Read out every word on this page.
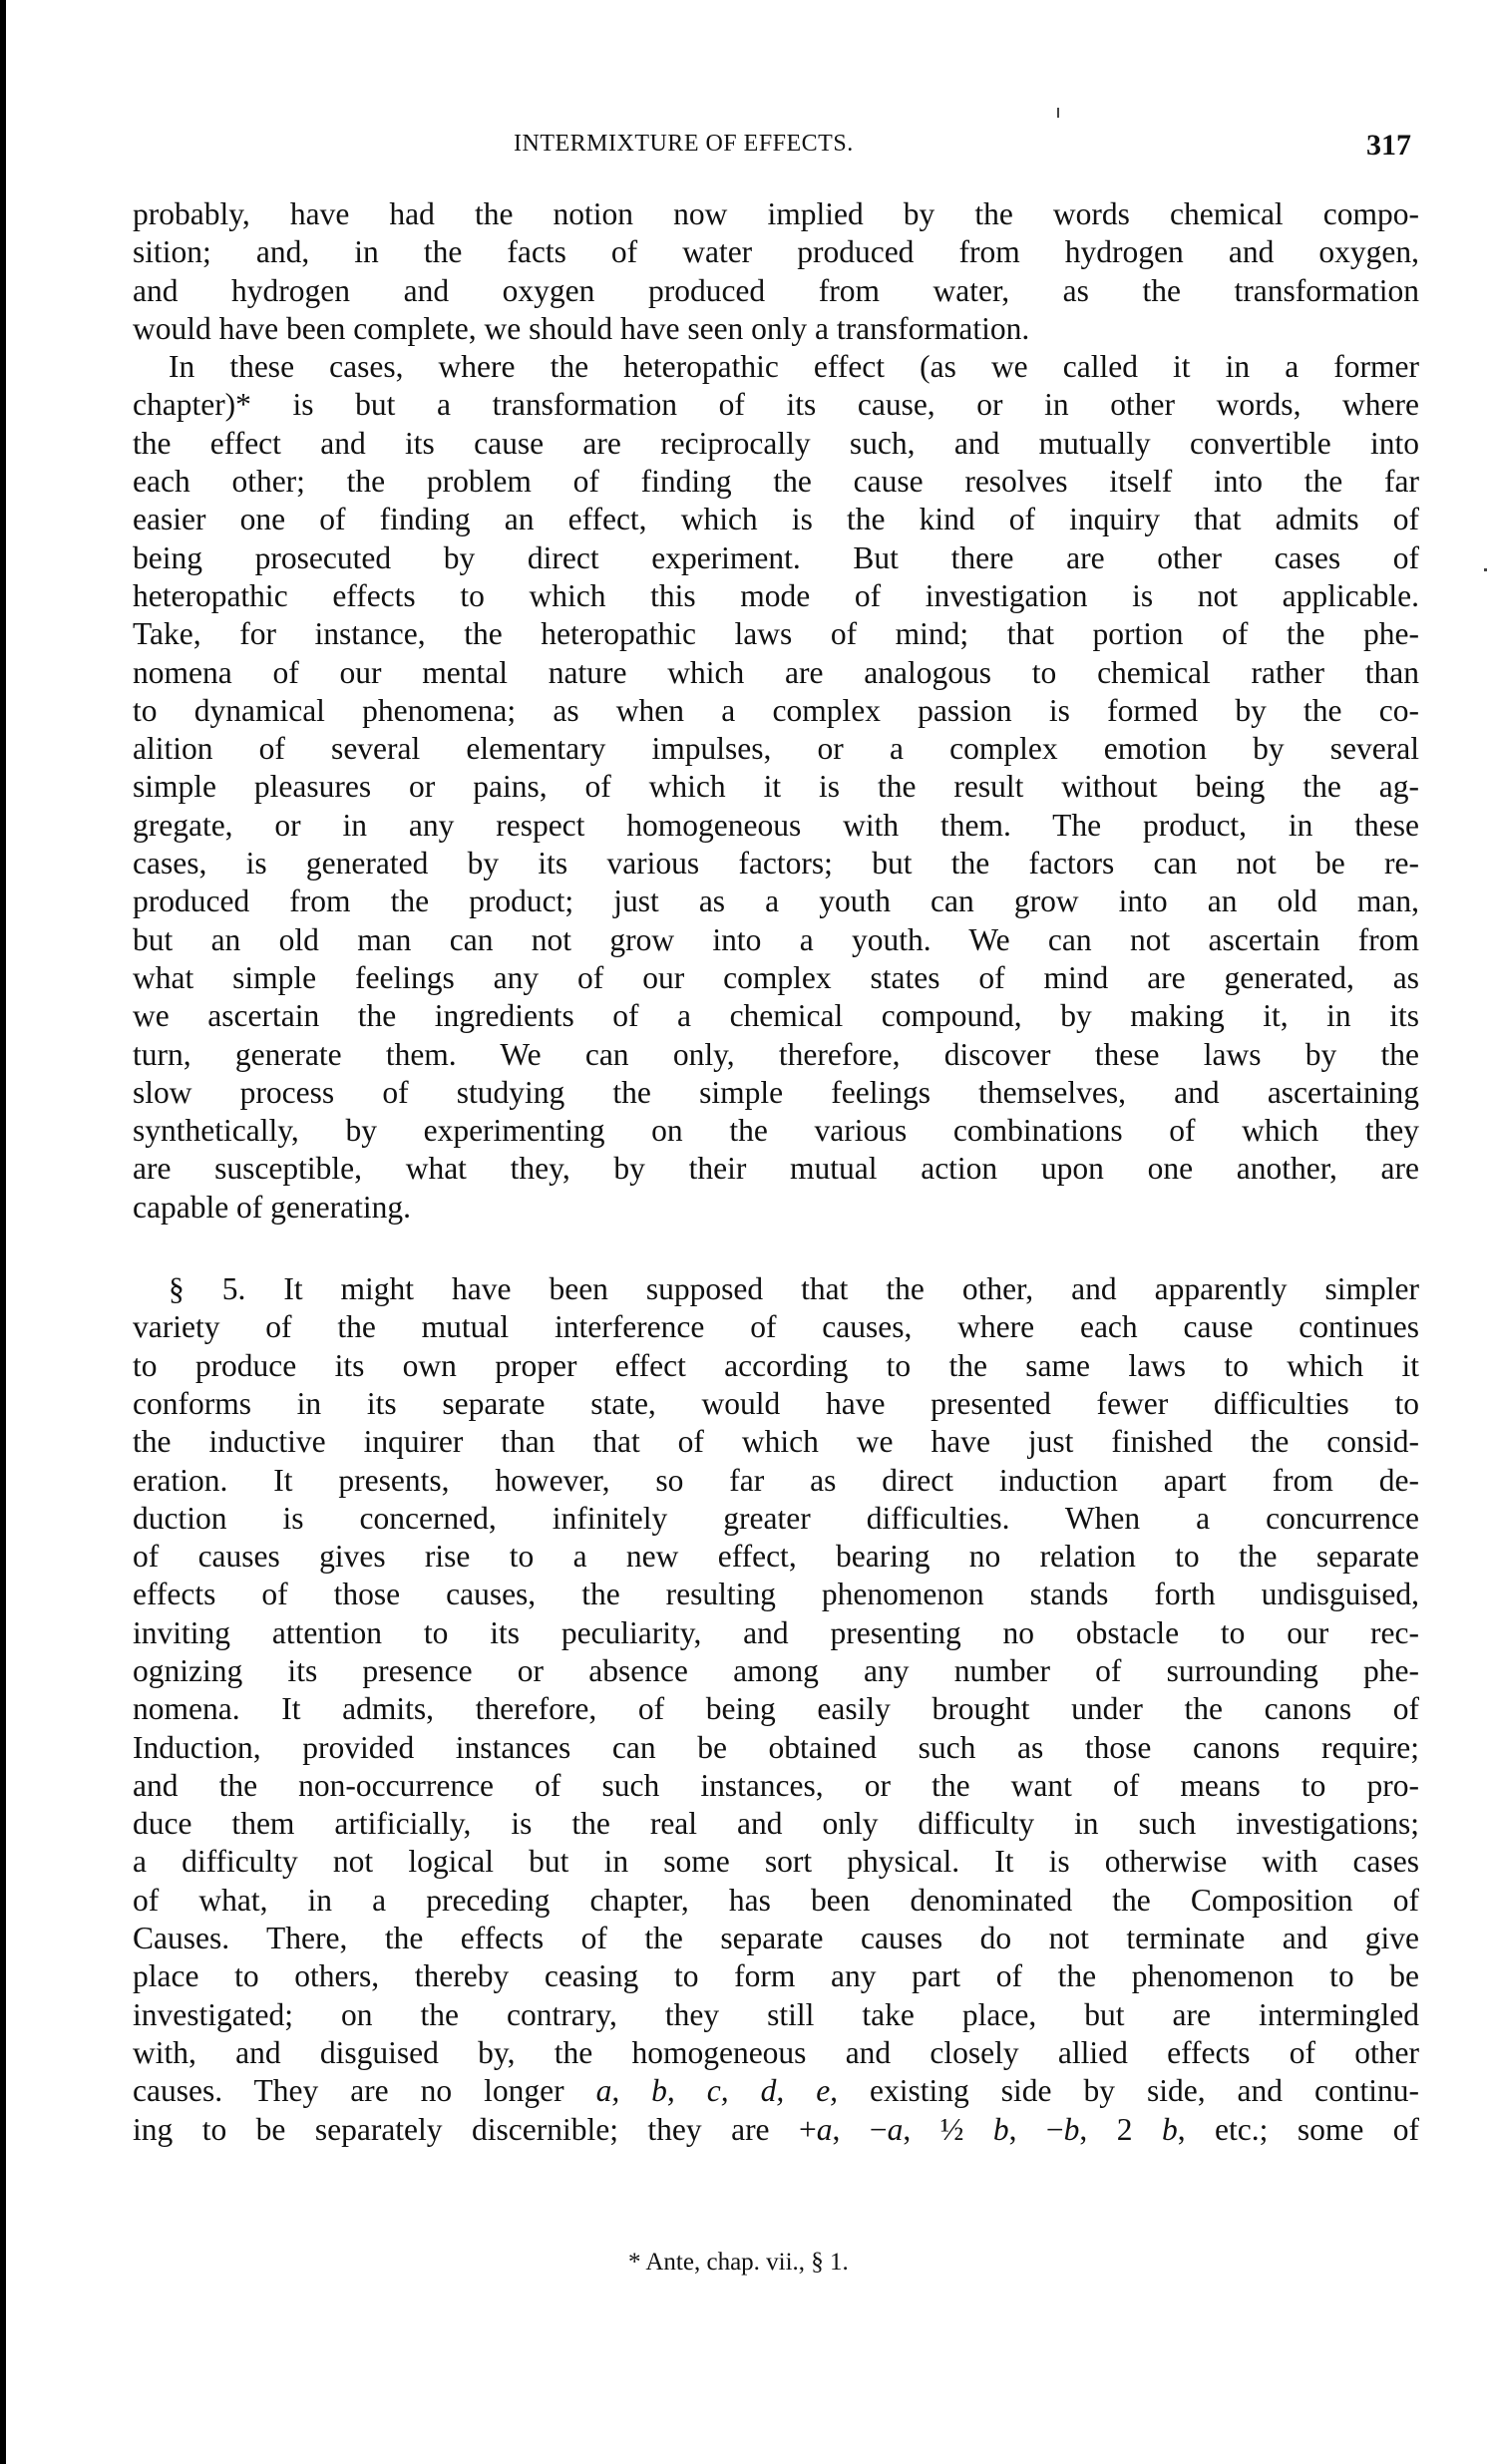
INTERMIXTURE OF EFFECTS.	317
probably, have had the notion now implied by the words chemical compo-
sition; and, in the facts of water produced from hydrogen and oxygen,
and hydrogen and oxygen produced from water, as the transformation
would have been complete, we should have seen only a transformation.
In these cases, where the heteropathic effect (as we called it in a former
chapter)* is but a transformation of its cause, or in other words, where
the effect and its cause are reciprocally such, and mutually convertible into
each other; the problem of finding the cause resolves itself into the far
easier one of finding an effect, which is the kind of inquiry that admits of
being prosecuted by direct experiment. But there are other cases of
heteropathic effects to which this mode of investigation is not applicable.
Take, for instance, the heteropathic laws of mind; that portion of the phe-
nomena of our mental nature which are analogous to chemical rather than
to dynamical phenomena; as when a complex passion is formed by the co-
alition of several elementary impulses, or a complex emotion by several
simple pleasures or pains, of which it is the result without being the ag-
gregate, or in any respect homogeneous with them. The product, in these
cases, is generated by its various factors; but the factors can not be re-
produced from the product; just as a youth can grow into an old man,
but an old man can not grow into a youth. We can not ascertain from
what simple feelings any of our complex states of mind are generated, as
we ascertain the ingredients of a chemical compound, by making it, in its
turn, generate them. We can only, therefore, discover these laws by the
slow process of studying the simple feelings themselves, and ascertaining
synthetically, by experimenting on the various combinations of which they
are susceptible, what they, by their mutual action upon one another, are
capable of generating.
§ 5. It might have been supposed that the other, and apparently simpler
variety of the mutual interference of causes, where each cause continues
to produce its own proper effect according to the same laws to which it
conforms in its separate state, would have presented fewer difficulties to
the inductive inquirer than that of which we have just finished the consid-
eration. It presents, however, so far as direct induction apart from de-
duction is concerned, infinitely greater difficulties. When a concurrence
of causes gives rise to a new effect, bearing no relation to the separate
effects of those causes, the resulting phenomenon stands forth undisguised,
inviting attention to its peculiarity, and presenting no obstacle to our rec-
ognizing its presence or absence among any number of surrounding phe-
nomena. It admits, therefore, of being easily brought under the canons of
Induction, provided instances can be obtained such as those canons require;
and the non-occurrence of such instances, or the want of means to pro-
duce them artificially, is the real and only difficulty in such investigations;
a difficulty not logical but in some sort physical. It is otherwise with cases
of what, in a preceding chapter, has been denominated the Composition of
Causes. There, the effects of the separate causes do not terminate and give
place to others, thereby ceasing to form any part of the phenomenon to be
investigated; on the contrary, they still take place, but are intermingled
with, and disguised by, the homogeneous and closely allied effects of other
causes. They are no longer a, b, c, d, e, existing side by side, and continu-
ing to be separately discernible; they are +a, −a, ½ b, −b, 2 b, etc.; some of
* Ante, chap. vii., § 1.
